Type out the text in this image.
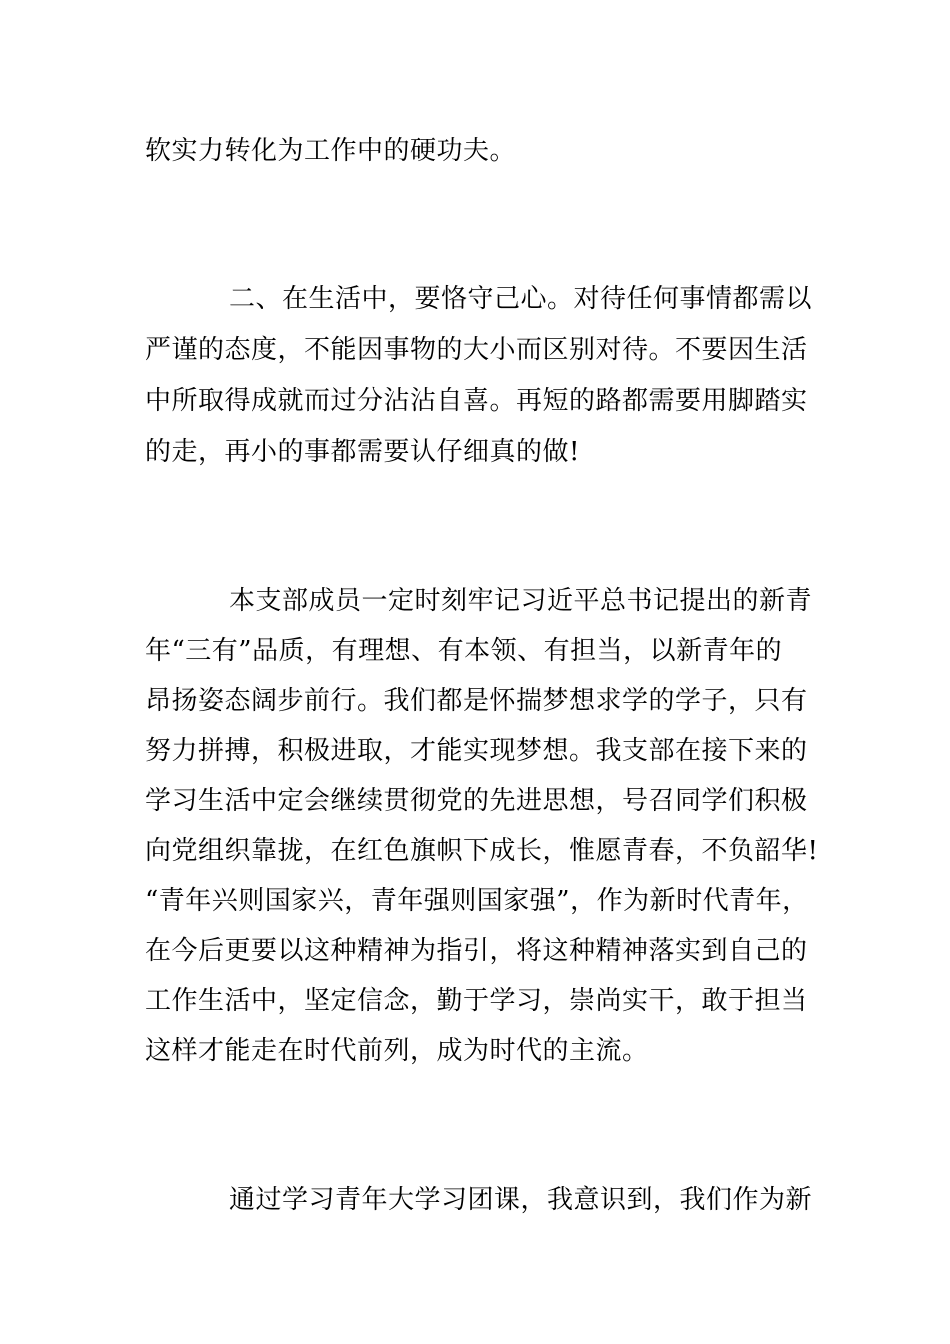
软实力转化为工作中的硬功夫。
二、在生活中，要恪守己心。对待任何事情都需以
严谨的态度，不能因事物的大小而区别对待。不要因生活
中所取得成就而过分沾沾自喜。再短的路都需要用脚踏实
的走，再小的事都需要认仔细真的做!
本支部成员一定时刻牢记习近平总书记提出的新青
年“三有”品质，有理想、有本领、有担当，以新青年的
昂扬姿态阔步前行。我们都是怀揣梦想求学的学子，只有
努力拼搏，积极进取，才能实现梦想。我支部在接下来的
学习生活中定会继续贯彻党的先进思想，号召同学们积极
向党组织靠拢，在红色旗帜下成长，惟愿青春，不负韶华!
“青年兴则国家兴，青年强则国家强”，作为新时代青年，
在今后更要以这种精神为指引，将这种精神落实到自己的
工作生活中，坚定信念，勤于学习，崇尚实干，敢于担当
这样才能走在时代前列，成为时代的主流。
通过学习青年大学习团课，我意识到，我们作为新
